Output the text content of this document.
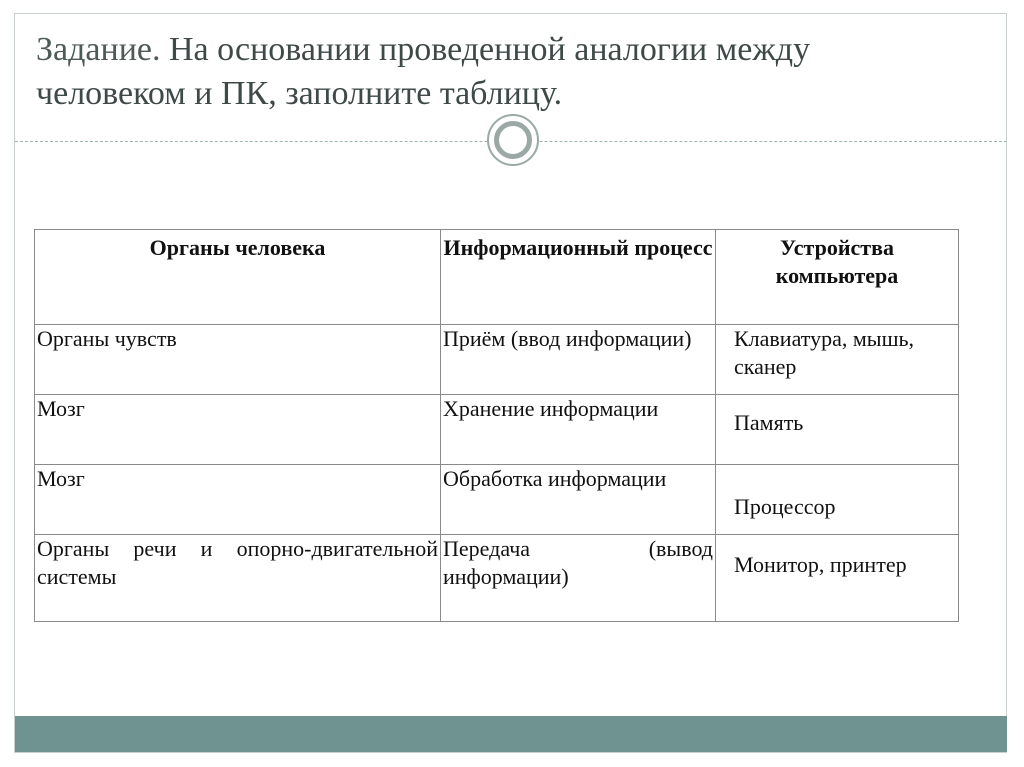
Задание. На основании проведенной аналогии между человеком и ПК, заполните таблицу.
Органы человека	Информационный процесс	Устройства компьютера
Органы чувств	Приём (ввод информации)	Клавиатура, мышь, сканер
Мозг	Хранение информации	Память
Мозг	Обработка информации	Процессор
Органы речи и опорно-двигательной системы	Передача (вывод информации)	Монитор, принтер
